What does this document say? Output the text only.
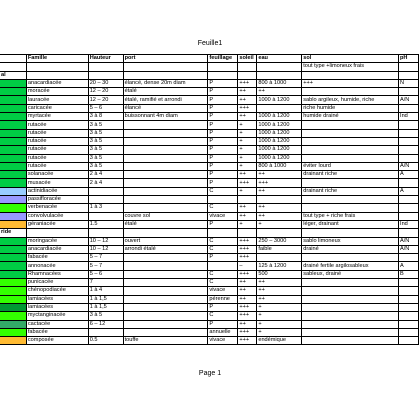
Feuille1
	Famille	Hauteur	port	feuillage	soleil	eau	sol	pH
							tout type +limoneux frais	
al								
	anacardiacée	20 – 30	élancé, dense 20m diam	P	+++	800 à 1000	+++	N
	moracée	12 – 20	étalé	P	++	++		
	lauracée	12 – 20	étalé, ramifié et arrondi	P	++	1000 à 1200	sablo argileux, humide, riche	A/N
	caricacée	5 – 6	élancé	P	+++		riche humide	
	myrtacée	3 à 8	buissonnant 4m diam	P	++	1000 à 1200	humide drainé	Ind
	rutacée	3 à 5		P	+	1000 à 1200		
	rutacée	3 à 5		P	+	1000 à 1200		
	rutacée	3 à 5		P	+	1000 à 1200		
	rutacée	3 à 5		P	+	1000 à 1200		
	rutacée	3 à 5		P	+	1000 à 1200		
	rutacée	3 à 5		P	+	800 à 1000	éviter lourd	A/N
	solanacée	2 à 4		P	++	++	drainant riche	A
	musacée	2 à 4		P	+++	+++		
	actinidiacée			C	+	++	drainant riche	A
	passifloracée							
	verbenacée	1 à 3		C	++	++		
	convolvulacée		couvre sol	vivace	++	++	tout type + riche frais	
	géraniacée	1.5	étalé	P	+	+	léger, drainant	Ind
ride								
	moringacée	10 – 12	ouvert	C	+++	250 – 3000	sablo limoneux	A/N
	anacardiacée	10 – 12	arrondi étalé	C	+++	faible	drainé	A/N
	fabacée	5 – 7		P	+++			
	annonacée	5 – 7			–	125 à 1200	drainé fertile argilosableux	A
	Rhamnacées	5 – 6		C	+++	500	sableux, drainé	B
	punicacée	7		C	++	++		
	chénopodiacée	1 à 4		vivace	++	++		
	lamiacées	1 à 1,5		pérenne	++	++		
	lamiacées	1 à 1,5		P	+++	+		
	myctanginacée	3 à 5		C	+++	+		
	cactacée	6 – 12		P	++	+		
	fabacée			annuelle	+++	+		
	composée	0.5	touffe	vivace	+++	endémique		
Page 1
